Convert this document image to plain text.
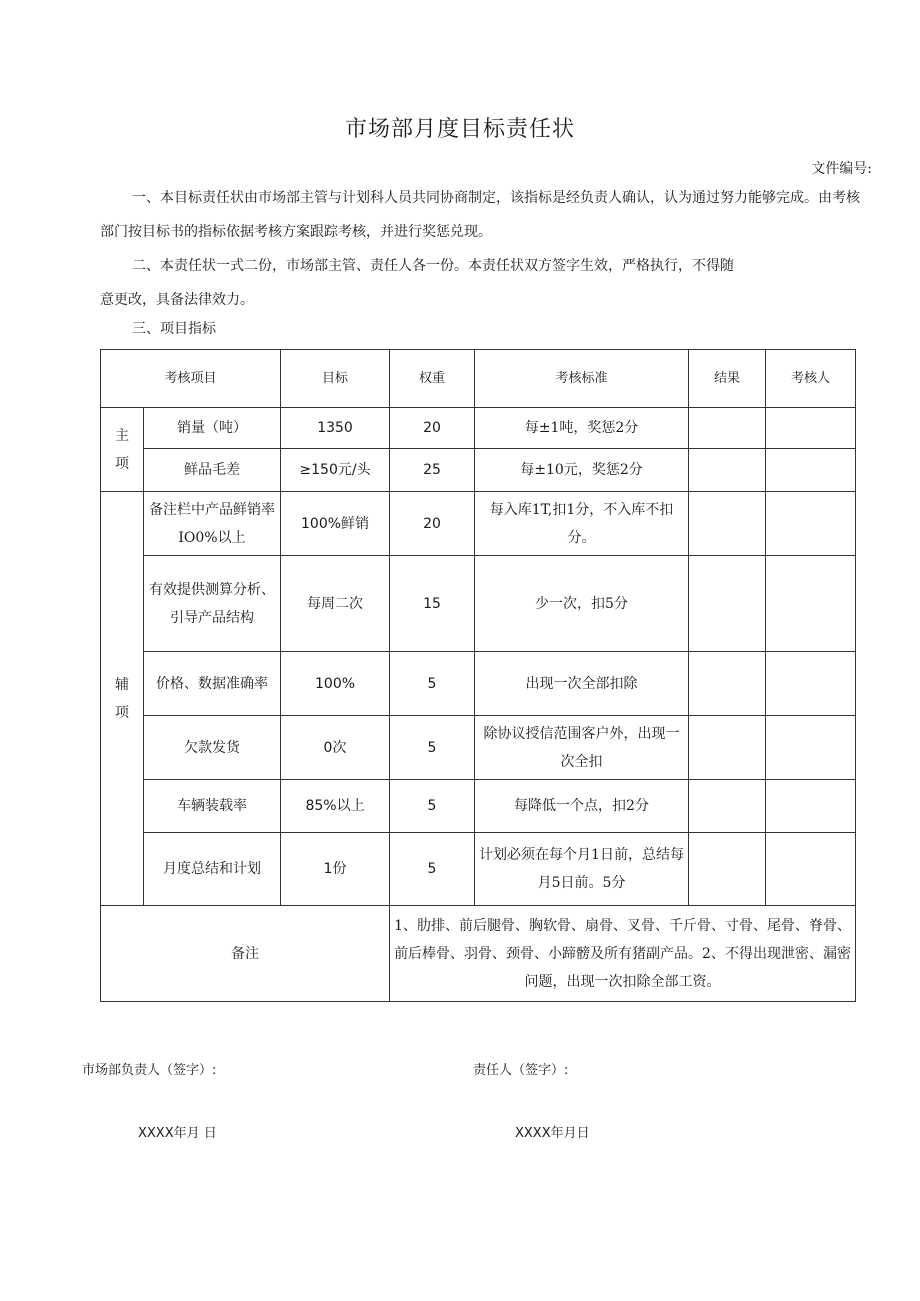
市场部月度目标责任状
文件编号:
一、本目标责任状由市场部主管与计划科人员共同协商制定，该指标是经负责人确认，认为通过努力能够完成。由考核部门按目标书的指标依据考核方案跟踪考核，并进行奖惩兑现。
二、本责任状一式二份，市场部主管、责任人各一份。本责任状双方签字生效，严格执行，不得随
意更改，具备法律效力。
三、项目指标
考核项目		目标	权重	考核标准	结果	考核人
主项	销量（吨）	1350	20	每±1吨，奖惩2分		
	鲜品毛差	≥150元/头	25	每±10元，奖惩2分		
辅项	备注栏中产品鲜销率IO0%以上	100%鲜销	20	每入库1T,扣1分，不入库不扣分。		
	有效提供测算分析、引导产品结构	每周二次	15	少一次，扣5分		
	价格、数据准确率	100%	5	出现一次全部扣除		
	欠款发货	0次	5	除协议授信范围客户外，出现一次全扣		
	车辆装载率	85%以上	5	每降低一个点，扣2分		
	月度总结和计划	1份	5	计划必须在每个月1日前，总结每月5日前。5分		
备注			1、肋排、前后腿骨、胸软骨、扇骨、叉骨、千斤骨、寸骨、尾骨、脊骨、前后棒骨、羽骨、颈骨、小蹄髈及所有猪副产品。2、不得出现泄密、漏密问题，出现一次扣除全部工资。			
市场部负责人（签字）:	责任人（签字）:
XXXX年月 日	XXXX年月日
